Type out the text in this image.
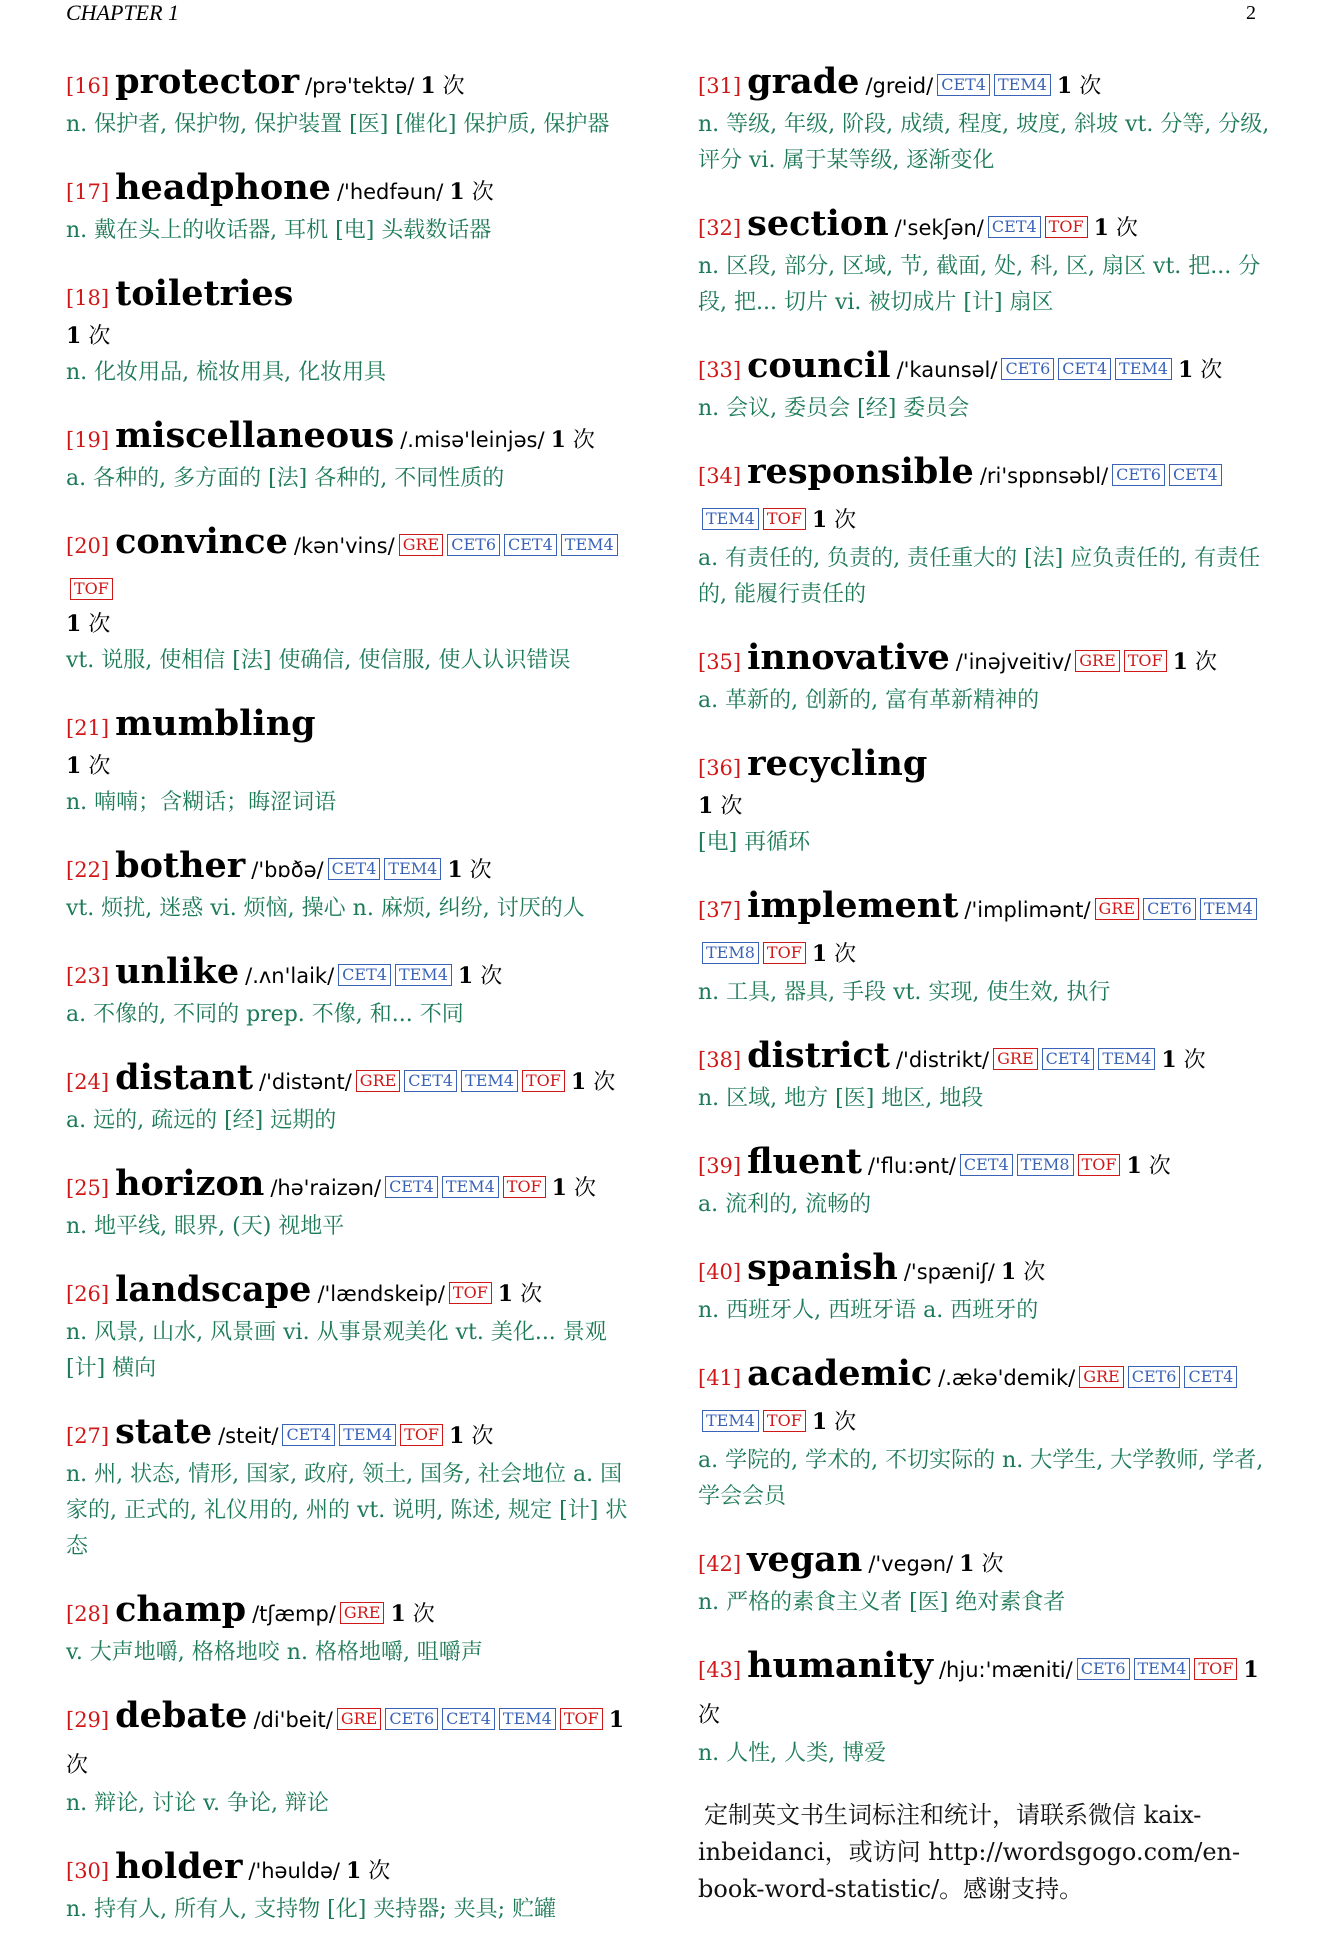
CHAPTER 1	2
[16] protector /prə'tektə/ 1 次
n. 保护者, 保护物, 保护装置 [医] [催化] 保护质, 保护器
[17] headphone /'hedfəun/ 1 次
n. 戴在头上的收话器, 耳机 [电] 头载数话器
[18] toiletries
1 次
n. 化妆用品, 梳妆用具, 化妆用具
[19] miscellaneous /.misə'leinjəs/ 1 次
a. 各种的, 多方面的 [法] 各种的, 不同性质的
[20] convince /kən'vins/ GRE CET6 CET4 TEM4TOF
1 次
vt. 说服, 使相信 [法] 使确信, 使信服, 使人认识错误
[21] mumbling
1 次
n. 喃喃；含糊话；晦涩词语
[22] bother /'bɒðə/ CET4 TEM4 1 次
vt. 烦扰, 迷惑 vi. 烦恼, 操心 n. 麻烦, 纠纷, 讨厌的人
[23] unlike /.ʌn'laik/ CET4 TEM4 1 次
a. 不像的, 不同的 prep. 不像, 和... 不同
[24] distant /'distənt/ GRE CET4 TEM4 TOF 1 次
a. 远的, 疏远的 [经] 远期的
[25] horizon /hə'raizən/ CET4 TEM4 TOF 1 次
n. 地平线, 眼界, (天) 视地平
[26] landscape /'lændskeip/ TOF 1 次
n. 风景, 山水, 风景画 vi. 从事景观美化 vt. 美化... 景观 [计] 横向
[27] state /steit/ CET4 TEM4 TOF 1 次
n. 州, 状态, 情形, 国家, 政府, 领土, 国务, 社会地位 a. 国家的, 正式的, 礼仪用的, 州的 vt. 说明, 陈述, 规定 [计] 状态
[28] champ /tʃæmp/ GRE 1 次
v. 大声地嚼, 格格地咬 n. 格格地嚼, 咀嚼声
[29] debate /di'beit/ GRE CET6 CET4 TEM4 TOF 1 次
n. 辩论, 讨论 v. 争论, 辩论
[30] holder /'həuldə/ 1 次
n. 持有人, 所有人, 支持物 [化] 夹持器; 夹具; 贮罐
[31] grade /greid/ CET4 TEM4 1 次
n. 等级, 年级, 阶段, 成绩, 程度, 坡度, 斜坡 vt. 分等, 分级, 评分 vi. 属于某等级, 逐渐变化
[32] section /'sekʃən/ CET4 TOF 1 次
n. 区段, 部分, 区域, 节, 截面, 处, 科, 区, 扇区 vt. 把... 分段, 把... 切片 vi. 被切成片 [计] 扇区
[33] council /'kaunsəl/ CET6 CET4 TEM4 1 次
n. 会议, 委员会 [经] 委员会
[34] responsible /ri'spɒnsəbl/ CET6 CET4TEM4 TOF 1 次
a. 有责任的, 负责的, 责任重大的 [法] 应负责任的, 有责任的, 能履行责任的
[35] innovative /'inəjveitiv/ GRE TOF 1 次
a. 革新的, 创新的, 富有革新精神的
[36] recycling
1 次
[电] 再循环
[37] implement /'implimənt/ GRE CET6 TEM4TEM8 TOF 1 次
n. 工具, 器具, 手段 vt. 实现, 使生效, 执行
[38] district /'distrikt/ GRE CET4 TEM4 1 次
n. 区域, 地方 [医] 地区, 地段
[39] fluent /'flu:ənt/ CET4 TEM8 TOF 1 次
a. 流利的, 流畅的
[40] spanish /'spæniʃ/ 1 次
n. 西班牙人, 西班牙语 a. 西班牙的
[41] academic /.ækə'demik/ GRE CET6 CET4TEM4 TOF 1 次
a. 学院的, 学术的, 不切实际的 n. 大学生, 大学教师, 学者, 学会会员
[42] vegan /'vegən/ 1 次
n. 严格的素食主义者 [医] 绝对素食者
[43] humanity /hju:'mæniti/ CET6 TEM4 TOF 1 次
n. 人性, 人类, 博爱
定制英文书生词标注和统计，请联系微信 kaix-inbeidanci，或访问 http://wordsgogo.com/en-book-word-statistic/。感谢支持。
